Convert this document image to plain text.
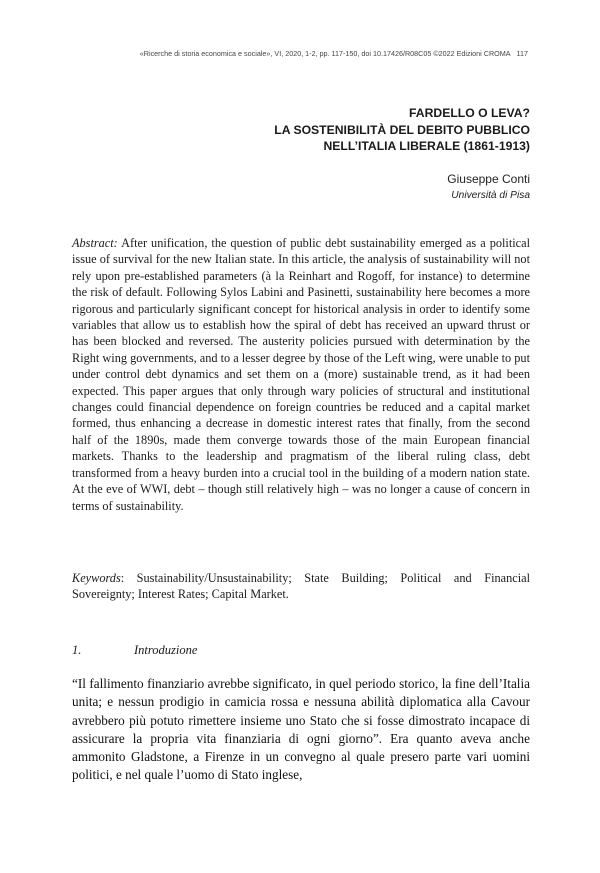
«Ricerche di storia economica e sociale», VI, 2020, 1-2, pp. 117-150, doi 10.17426/R08C05 ©2022 Edizioni CROMA 117
FARDELLO O LEVA?
LA SOSTENIBILITÀ DEL DEBITO PUBBLICO
NELL’ITALIA LIBERALE (1861-1913)
Giuseppe Conti
Università di Pisa
Abstract: After unification, the question of public debt sustainability emerged as a political issue of survival for the new Italian state. In this article, the analysis of sustainability will not rely upon pre-established parameters (à la Reinhart and Rogoff, for instance) to determine the risk of default. Following Sylos Labini and Pasinetti, sustainability here becomes a more rigorous and particularly significant concept for historical analysis in order to identify some variables that allow us to establish how the spiral of debt has received an upward thrust or has been blocked and reversed. The austerity policies pursued with determination by the Right wing governments, and to a lesser degree by those of the Left wing, were unable to put under control debt dynamics and set them on a (more) sustainable trend, as it had been expected. This paper argues that only through wary policies of structural and institutional changes could financial dependence on foreign countries be reduced and a capital market formed, thus enhancing a decrease in domestic interest rates that finally, from the second half of the 1890s, made them converge towards those of the main European financial markets. Thanks to the leadership and pragmatism of the liberal ruling class, debt transformed from a heavy burden into a crucial tool in the building of a modern nation state. At the eve of WWI, debt – though still relatively high – was no longer a cause of concern in terms of sustainability.
Keywords: Sustainability/Unsustainability; State Building; Political and Financial Sovereignty; Interest Rates; Capital Market.
1.	Introduzione

“Il fallimento finanziario avrebbe significato, in quel periodo storico, la fine dell’Italia unita; e nessun prodigio in camicia rossa e nessuna abilità diplomatica alla Cavour avrebbero più potuto rimettere insieme uno Stato che si fosse dimostrato incapace di assicurare la propria vita finanziaria di ogni giorno”. Era quanto aveva anche ammonito Gladstone, a Firenze in un convegno al quale presero parte vari uomini politici, e nel quale l’uomo di Stato inglese,
